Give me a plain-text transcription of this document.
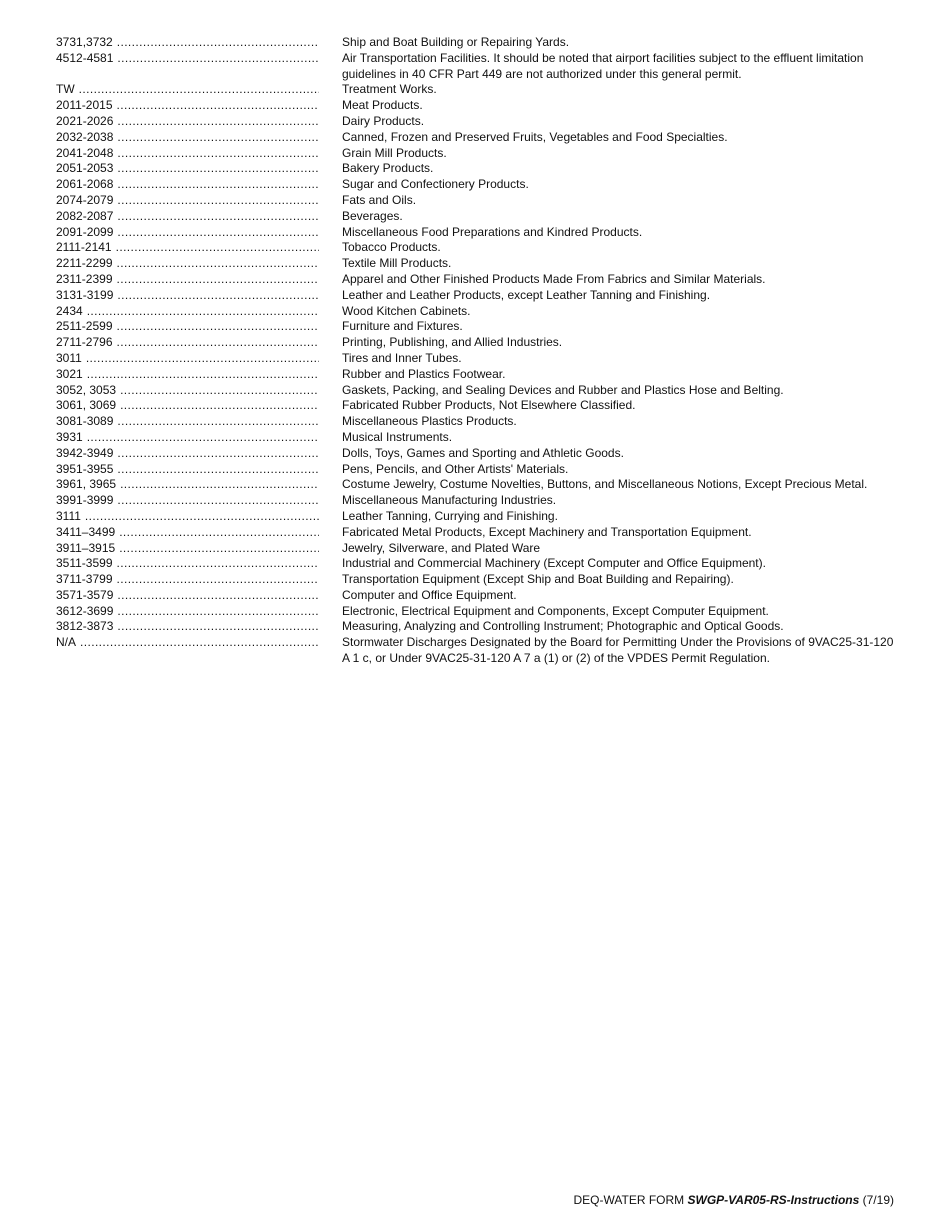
3731,3732 .....	Ship and Boat Building or Repairing Yards.
4512-4581 .....	Air Transportation Facilities. It should be noted that airport facilities subject to the effluent limitation guidelines in 40 CFR Part 449 are not authorized under this general permit.
TW .....	Treatment Works.
2011-2015 .....	Meat Products.
2021-2026 .....	Dairy Products.
2032-2038 .....	Canned, Frozen and Preserved Fruits, Vegetables and Food Specialties.
2041-2048 .....	Grain Mill Products.
2051-2053 .....	Bakery Products.
2061-2068 .....	Sugar and Confectionery Products.
2074-2079 .....	Fats and Oils.
2082-2087 .....	Beverages.
2091-2099 .....	Miscellaneous Food Preparations and Kindred Products.
2111-2141 .....	Tobacco Products.
2211-2299 .....	Textile Mill Products.
2311-2399 .....	Apparel and Other Finished Products Made From Fabrics and Similar Materials.
3131-3199 .....	Leather and Leather Products, except Leather Tanning and Finishing.
2434 .....	Wood Kitchen Cabinets.
2511-2599 .....	Furniture and Fixtures.
2711-2796 .....	Printing, Publishing, and Allied Industries.
3011 .....	Tires and Inner Tubes.
3021 .....	Rubber and Plastics Footwear.
3052, 3053 .....	Gaskets, Packing, and Sealing Devices and Rubber and Plastics Hose and Belting.
3061, 3069 .....	Fabricated Rubber Products, Not Elsewhere Classified.
3081-3089 .....	Miscellaneous Plastics Products.
3931 .....	Musical Instruments.
3942-3949 .....	Dolls, Toys, Games and Sporting and Athletic Goods.
3951-3955 .....	Pens, Pencils, and Other Artists' Materials.
3961, 3965 .....	Costume Jewelry, Costume Novelties, Buttons, and Miscellaneous Notions, Except Precious Metal.
3991-3999 .....	Miscellaneous Manufacturing Industries.
3111 .....	Leather Tanning, Currying and Finishing.
3411–3499 .....	Fabricated Metal Products, Except Machinery and Transportation Equipment.
3911–3915 .....	Jewelry, Silverware, and Plated Ware
3511-3599 .....	Industrial and Commercial Machinery (Except Computer and Office Equipment).
3711-3799 .....	Transportation Equipment (Except Ship and Boat Building and Repairing).
3571-3579 .....	Computer and Office Equipment.
3612-3699 .....	Electronic, Electrical Equipment and Components, Except Computer Equipment.
3812-3873 .....	Measuring, Analyzing and Controlling Instrument; Photographic and Optical Goods.
N/A .....	Stormwater Discharges Designated by the Board for Permitting Under the Provisions of 9VAC25-31-120 A 1 c, or Under 9VAC25-31-120 A 7 a (1) or (2) of the VPDES Permit Regulation.
DEQ-WATER FORM SWGP-VAR05-RS-Instructions (7/19)
